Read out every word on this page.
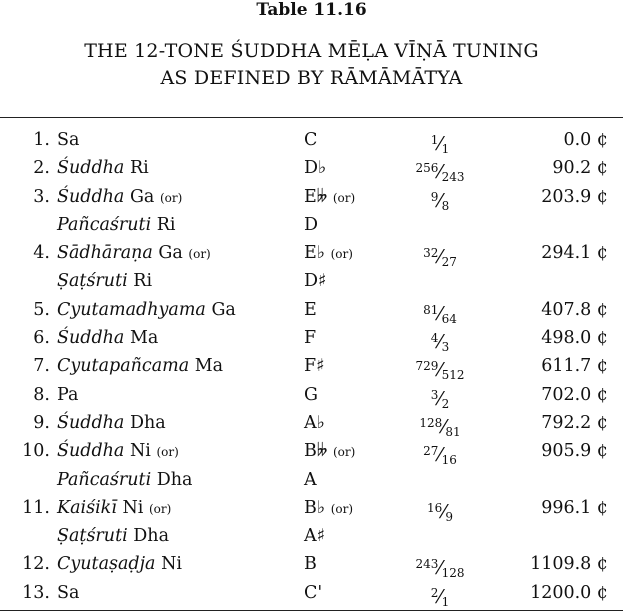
Table 11.16
THE 12-TONE ŚUDDHA MĒḶA VĪṆĀ TUNING
AS DEFINED BY RĀMĀMĀTYA
1. Sa	C	$^1$⁄1	0.0 ¢
2. Śuddha Ri	D♭	$^{256}$⁄243	90.2 ¢
3. Śuddha Ga (or)	E𝄫 (or)	$^9$⁄8	203.9 ¢
Pañcaśruti Ri	D
4. Sādhāraṇa Ga (or)	E♭ (or)	$^{32}$⁄27	294.1 ¢
Ṣaṭśruti Ri	D♯
5. Cyutamadhyama Ga	E	$^{81}$⁄64	407.8 ¢
6. Śuddha Ma	F	$^4$⁄3	498.0 ¢
7. Cyutapañcama Ma	F♯	$^{729}$⁄512	611.7 ¢
8. Pa	G	$^3$⁄2	702.0 ¢
9. Śuddha Dha	A♭	$^{128}$⁄81	792.2 ¢
10. Śuddha Ni (or)	B𝄫 (or)	$^{27}$⁄16	905.9 ¢
Pañcaśruti Dha	A
11. Kaiśikī Ni (or)	B♭ (or)	$^{16}$⁄9	996.1 ¢
Ṣaṭśruti Dha	A♯
12. Cyutaṣaḍja Ni	B	$^{243}$⁄128	1109.8 ¢
13. Sa	C'	$^2$⁄1	1200.0 ¢
